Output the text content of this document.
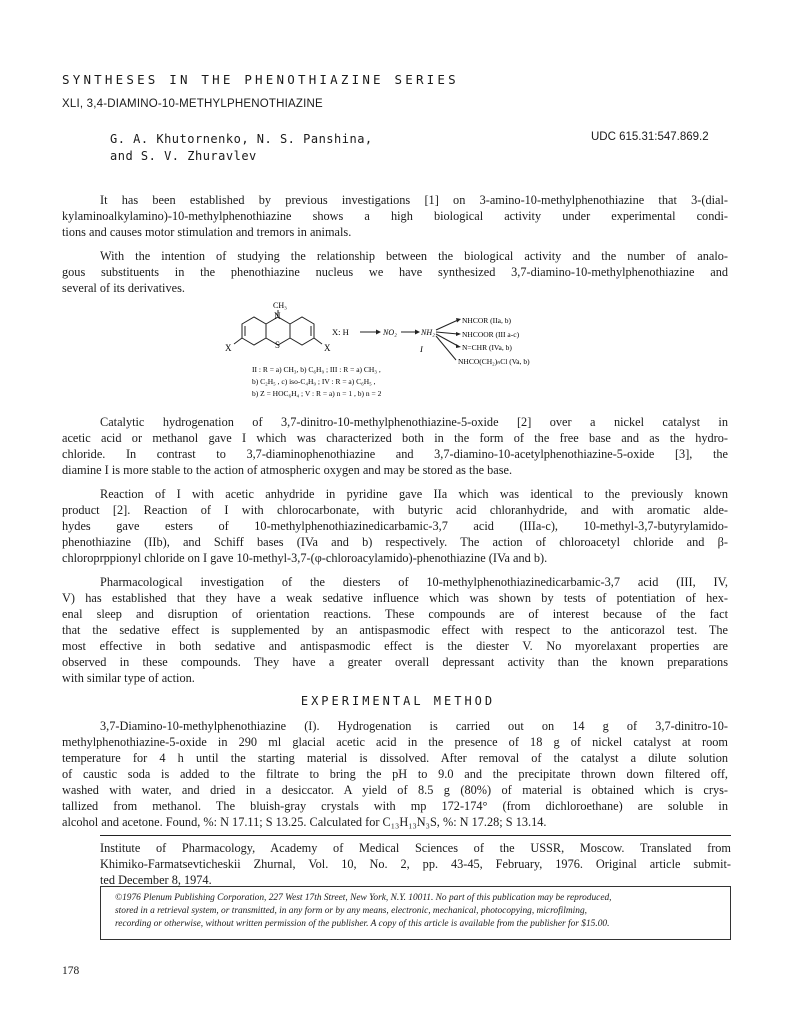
SYNTHESES IN THE PHENOTHIAZINE SERIES
XLI, 3,4-DIAMINO-10-METHYLPHENOTHIAZINE
G. A. Khutornenko, N. S. Panshina,
and S. V. Zhuravlev
UDC 615.31:547.869.2
It has been established by previous investigations [1] on 3-amino-10-methylphenothiazine that 3-(dial-
kylaminoalkylamino)-10-methylphenothiazine shows a high biological activity under experimental condi-
tions and causes motor stimulation and tremors in animals.
With the intention of studying the relationship between the biological activity and the number of analo-
gous substituents in the phenothiazine nucleus we have synthesized 3,7-diamino-10-methylphenothiazine and
several of its derivatives.
CH₃
N
S
X	X
X: H	NO₂	NH₂
I
NHCOR (IIa, b)
NHCOOR (III a-c)
N=CHR (IVa, b)
NHCO(CH₂)ₙCl (Va, b)
II : R = a) CH₃, b) C₆H₉ ; III : R = a) CH₃ ,
b) C₂H₅ , c) iso-C₄H₉ ; IV : R = a) C₆H₅ ,
b) Z = HOC₆H₄ ; V : R = a) n = 1 , b) n = 2
Catalytic hydrogenation of 3,7-dinitro-10-methylphenothiazine-5-oxide [2] over a nickel catalyst in
acetic acid or methanol gave I which was characterized both in the form of the free base and as the hydro-
chloride. In contrast to 3,7-diaminophenothiazine and 3,7-diamino-10-acetylphenothiazine-5-oxide [3], the
diamine I is more stable to the action of atmospheric oxygen and may be stored as the base.
Reaction of I with acetic anhydride in pyridine gave IIa which was identical to the previously known
product [2]. Reaction of I with chlorocarbonate, with butyric acid chloranhydride, and with aromatic alde-
hydes gave esters of 10-methylphenothiazinedicarbamic-3,7 acid (IIIa-c), 10-methyl-3,7-butyrylamido-
phenothiazine (IIb), and Schiff bases (IVa and b) respectively. The action of chloroacetyl chloride and β-
chloroprppionyl chloride on I gave 10-methyl-3,7-(φ-chloroacylamido)-phenothiazine (IVa and b).
Pharmacological investigation of the diesters of 10-methylphenothiazinedicarbamic-3,7 acid (III, IV,
V) has established that they have a weak sedative influence which was shown by tests of potentiation of hex-
enal sleep and disruption of orientation reactions. These compounds are of interest because of the fact
that the sedative effect is supplemented by an antispasmodic effect with respect to the anticorazol test. The
most effective in both sedative and antispasmodic effect is the diester V. No myorelaxant properties are
observed in these compounds. They have a greater overall depressant activity than the known preparations
with similar type of action.
EXPERIMENTAL METHOD
3,7-Diamino-10-methylphenothiazine (I). Hydrogenation is carried out on 14 g of 3,7-dinitro-10-
methylphenothiazine-5-oxide in 290 ml glacial acetic acid in the presence of 18 g of nickel catalyst at room
temperature for 4 h until the starting material is dissolved. After removal of the catalyst a dilute solution
of caustic soda is added to the filtrate to bring the pH to 9.0 and the precipitate thrown down filtered off,
washed with water, and dried in a desiccator. A yield of 8.5 g (80%) of material is obtained which is crys-
tallized from methanol. The bluish-gray crystals with mp 172-174° (from dichloroethane) are soluble in
alcohol and acetone. Found, %: N 17.11; S 13.25. Calculated for C₁₃H₁₃N₃S, %: N 17.28; S 13.14.
Institute of Pharmacology, Academy of Medical Sciences of the USSR, Moscow. Translated from
Khimiko-Farmatsevticheskii Zhurnal, Vol. 10, No. 2, pp. 43-45, February, 1976. Original article submit-
ted December 8, 1974.
©1976 Plenum Publishing Corporation, 227 West 17th Street, New York, N.Y. 10011. No part of this publication may be reproduced,
stored in a retrieval system, or transmitted, in any form or by any means, electronic, mechanical, photocopying, microfilming,
recording or otherwise, without written permission of the publisher. A copy of this article is available from the publisher for $15.00.
178
